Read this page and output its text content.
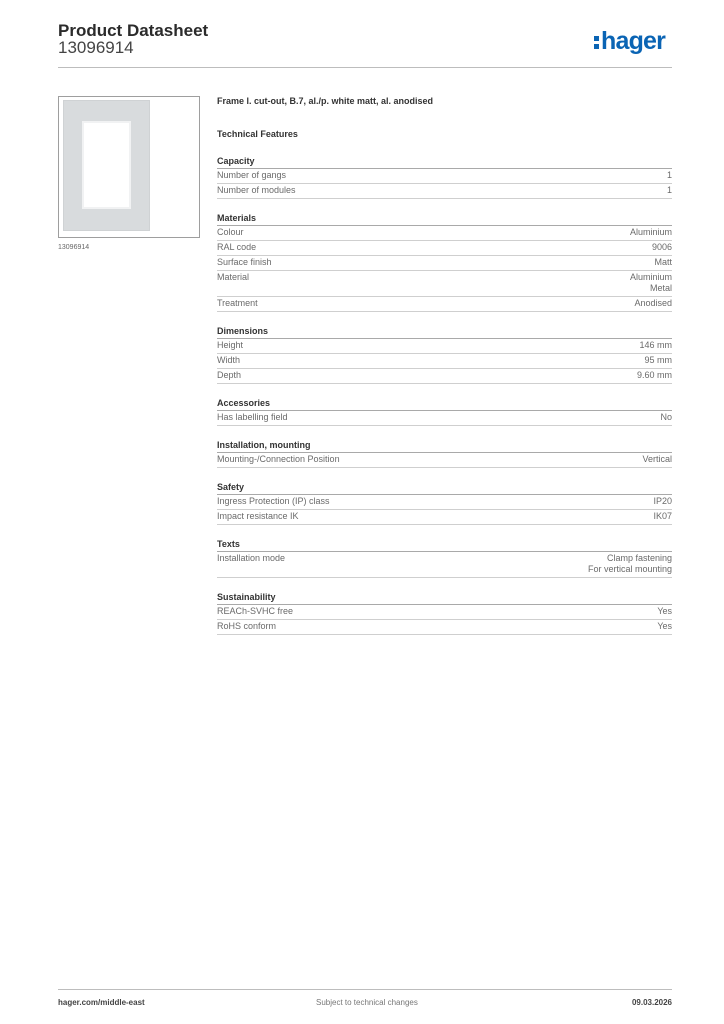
Product Datasheet
13096914	hager
13096914
Frame l. cut-out, B.7, al./p. white matt, al. anodised
Technical Features
Capacity
Number of gangs	1
Number of modules	1
Materials
Colour	Aluminium
RAL code	9006
Surface finish	Matt
Material	Aluminium
Metal
Treatment	Anodised
Dimensions
Height	146 mm
Width	95 mm
Depth	9.60 mm
Accessories
Has labelling field	No
Installation, mounting
Mounting-/Connection Position	Vertical
Safety
Ingress Protection (IP) class	IP20
Impact resistance IK	IK07
Texts
Installation mode	Clamp fastening
For vertical mounting
Sustainability
REACh-SVHC free	Yes
RoHS conform	Yes
hager.com/middle-east	Subject to technical changes	09.03.2026
